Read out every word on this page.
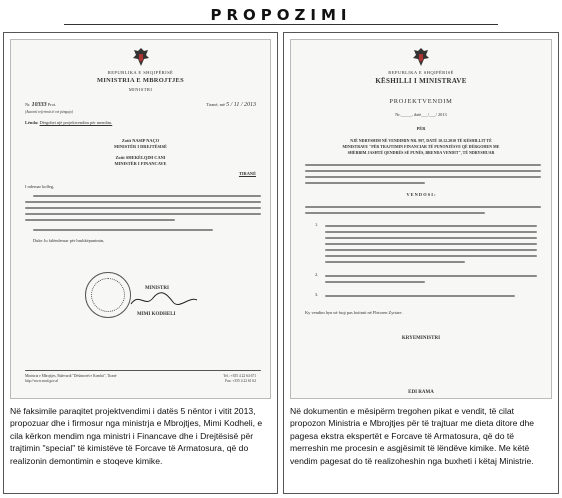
PROPOZIMI
REPUBLIKA E SHQIPËRISË
MINISTRIA E MBROJTJES
MINISTRI
Nr. 10333 Prot.
(Autoriti referimit të vet pëngujo)
Tiranë, më 5 / 11 / 2013
Lënda: Dërgohet një projektvendim për mendim.
Zotit NASIP NAÇO
MINISTËR I DREJTËSISË
Zotit SHEKËLQIM CANI
MINISTËR I FINANCAVE
TIRANË
I nderuar kolleg,
Duke Ju falënderuar për bashkëpunimin,
MINISTRI
MIMI KODHELI
Ministria e Mbrojtjes, Bulevardi "Dëshmorët e Kombit", Tiranë
http://www.mod.gov.al
Tel.: +355 4 22 64 671
Fax: +355 4 22 61 62
Në faksimile paraqitet projektvendimi i datës 5 nëntor i vitit 2013, propozuar dhe i firmosur nga ministrja e Mbrojtjes, Mimi Kodheli, e cila kërkon mendim nga ministri i Financave dhe i Drejtësisë për trajtimin "special" të kimistëve të Forcave të Armatosura, që do realizonin demontimin e stoqeve kimike.
REPUBLIKA E SHQIPËRISË
KËSHILLI I MINISTRAVE
PROJEKTVENDIM
Nr._____, datë___/___/ 2013
PËR
NJË NDRYSHIM NË VENDIMIN NR. 997, DATË 10.12.2010 TË KËSHILLIT TË
MINISTRAVE "PËR TRAJTIMIN FINANCIAR TË PUNONJËSVE QË DËRGOHEN ME
SHËRBIM JASHTË QENDRËS SË PUNËS, BRENDA VENDIT", TË NDRYSHUAR
V E N D O S I :
1.
2.
3.
Ky vendim hyn në fuqi pas botimit në Fletoren Zyrtare.
KRYEMINISTRI
EDI RAMA
Në dokumentin e mësipërm tregohen pikat e vendit, të cilat propozon Ministria e Mbrojtjes për të trajtuar me dieta ditore dhe pagesa ekstra ekspertët e Forcave të Armatosura, që do të merreshin me procesin e asgjësimit të lëndëve kimike. Me këtë vendim pagesat do të realizoheshin nga buxheti i këtaj Ministrie.
